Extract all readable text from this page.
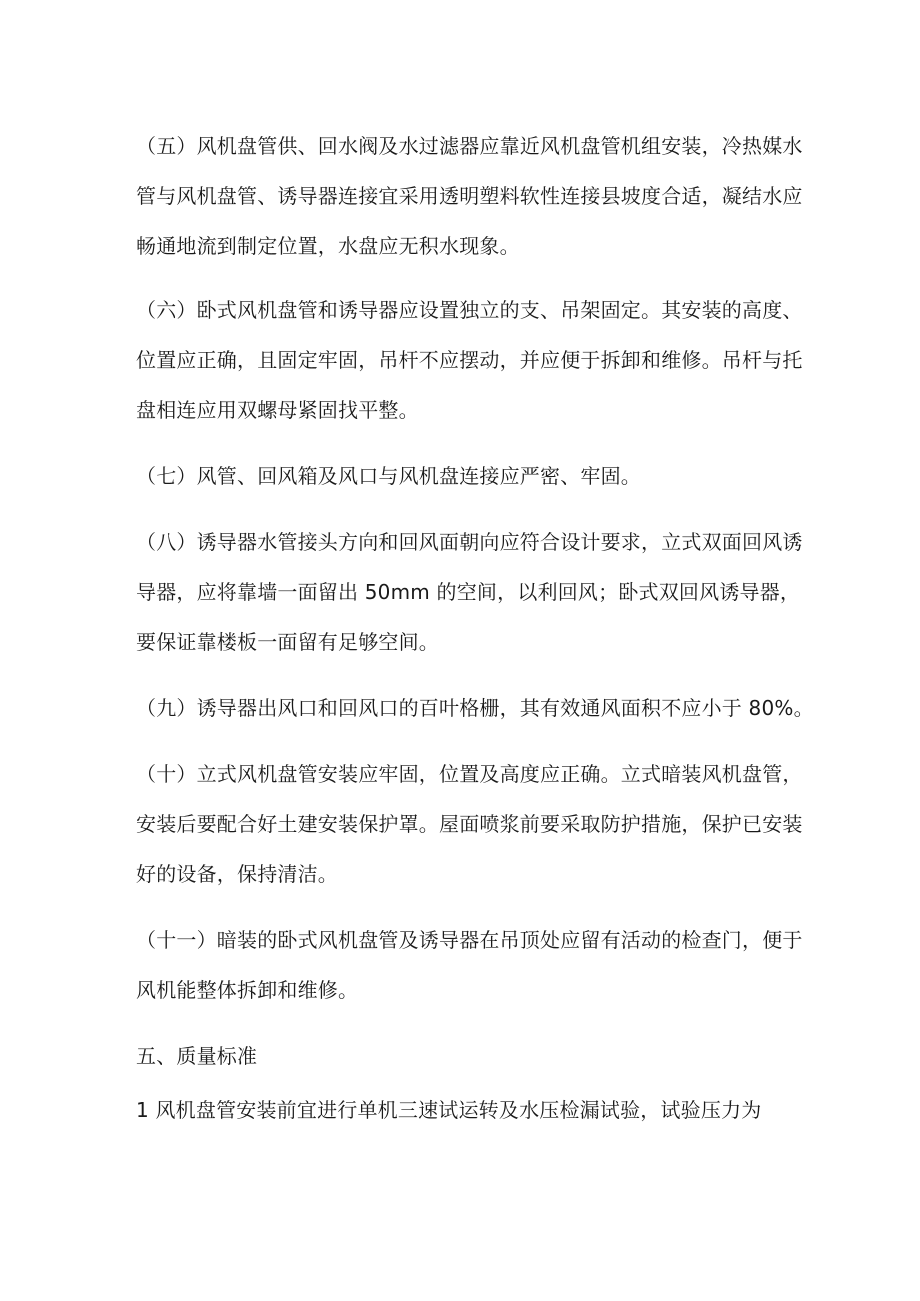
（五）风机盘管供、回水阀及水过滤器应靠近风机盘管机组安装，冷热媒水
管与风机盘管、诱导器连接宜采用透明塑料软性连接县坡度合适，凝结水应
畅通地流到制定位置，水盘应无积水现象。
（六）卧式风机盘管和诱导器应设置独立的支、吊架固定。其安装的高度、
位置应正确，且固定牢固，吊杆不应摆动，并应便于拆卸和维修。吊杆与托
盘相连应用双螺母紧固找平整。
（七）风管、回风箱及风口与风机盘连接应严密、牢固。
（八）诱导器水管接头方向和回风面朝向应符合设计要求，立式双面回风诱
导器，应将靠墙一面留出 50mm 的空间，以利回风；卧式双回风诱导器，
要保证靠楼板一面留有足够空间。
（九）诱导器出风口和回风口的百叶格栅，其有效通风面积不应小于 80%。
（十）立式风机盘管安装应牢固，位置及高度应正确。立式暗装风机盘管，
安装后要配合好土建安装保护罩。屋面喷浆前要采取防护措施，保护已安装
好的设备，保持清洁。
（十一）暗装的卧式风机盘管及诱导器在吊顶处应留有活动的检查门，便于
风机能整体拆卸和维修。
五、质量标准
1 风机盘管安装前宜进行单机三速试运转及水压检漏试验，试验压力为
